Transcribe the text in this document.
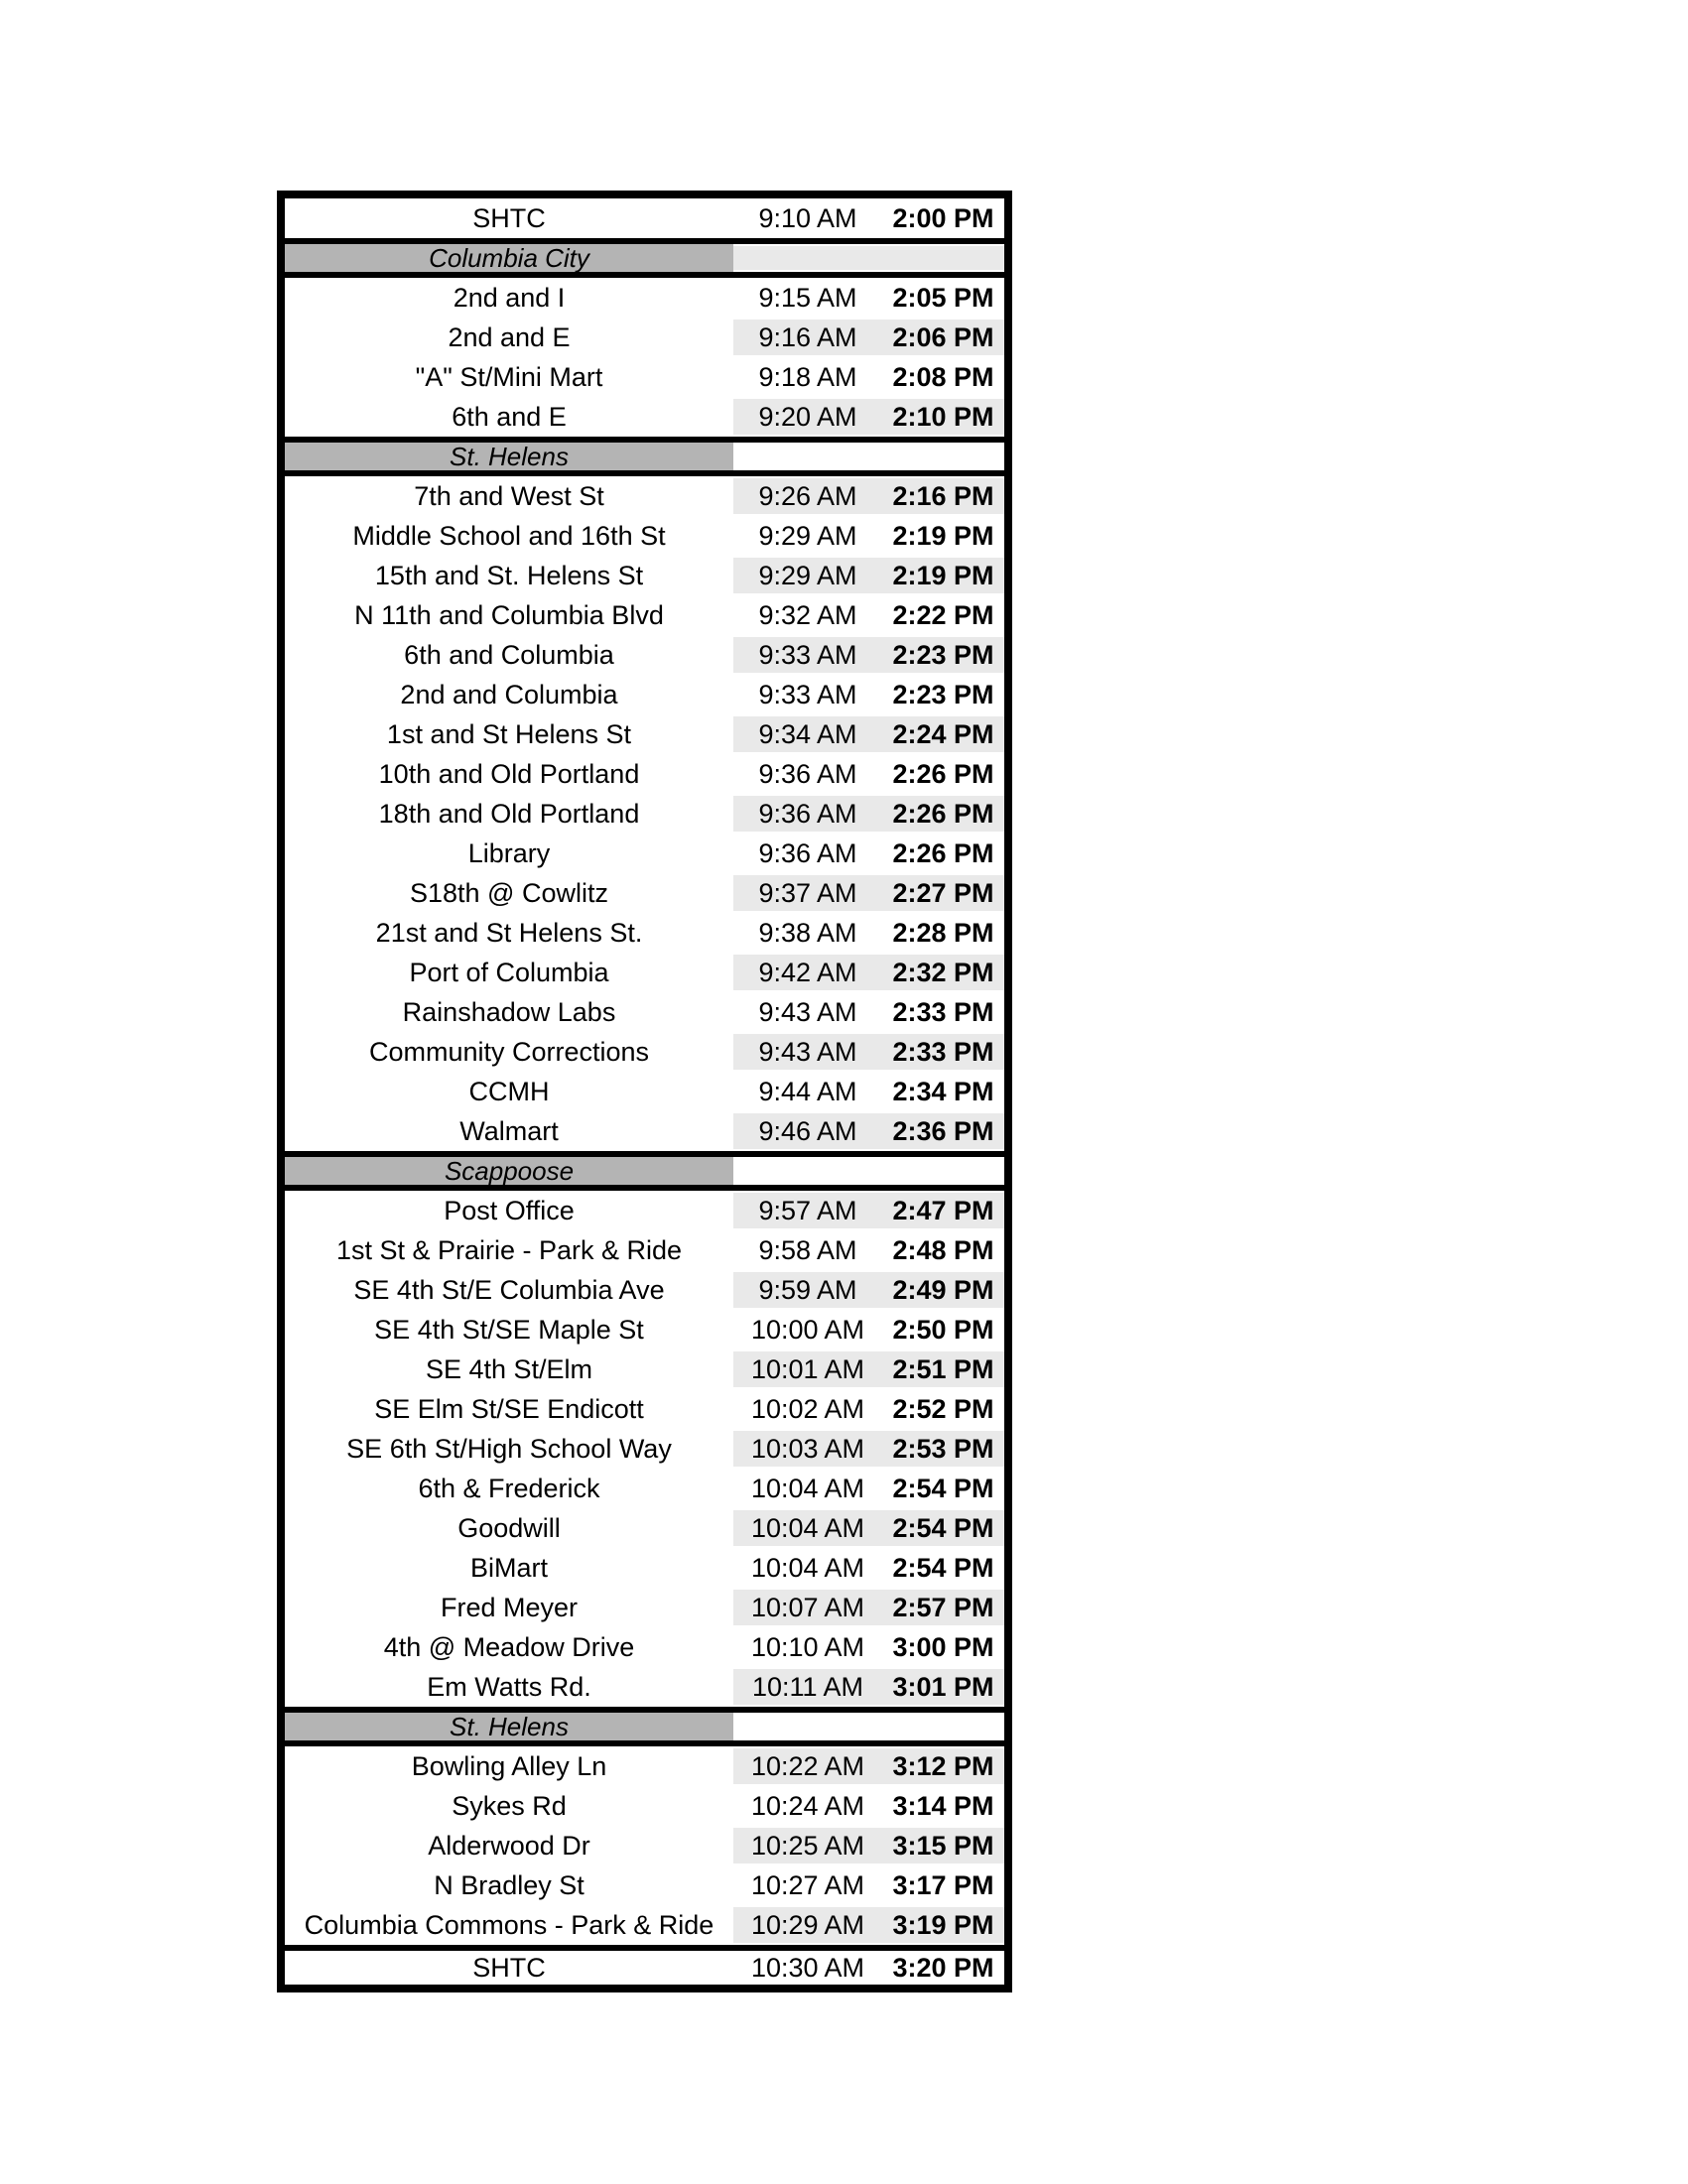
SHTC	9:10 AM	2:00 PM
Columbia City
2nd and I	9:15 AM	2:05 PM
2nd and E	9:16 AM	2:06 PM
"A" St/Mini Mart	9:18 AM	2:08 PM
6th and E	9:20 AM	2:10 PM
St. Helens
7th and West St	9:26 AM	2:16 PM
Middle School and 16th St	9:29 AM	2:19 PM
15th and St. Helens St	9:29 AM	2:19 PM
N 11th and Columbia Blvd	9:32 AM	2:22 PM
6th and Columbia	9:33 AM	2:23 PM
2nd and Columbia	9:33 AM	2:23 PM
1st and St Helens St	9:34 AM	2:24 PM
10th and Old Portland	9:36 AM	2:26 PM
18th and Old Portland	9:36 AM	2:26 PM
Library	9:36 AM	2:26 PM
S18th @ Cowlitz	9:37 AM	2:27 PM
21st and St Helens St.	9:38 AM	2:28 PM
Port of Columbia	9:42 AM	2:32 PM
Rainshadow Labs	9:43 AM	2:33 PM
Community Corrections	9:43 AM	2:33 PM
CCMH	9:44 AM	2:34 PM
Walmart	9:46 AM	2:36 PM
Scappoose
Post Office	9:57 AM	2:47 PM
1st St & Prairie - Park & Ride	9:58 AM	2:48 PM
SE 4th St/E Columbia Ave	9:59 AM	2:49 PM
SE 4th St/SE Maple St	10:00 AM	2:50 PM
SE 4th St/Elm	10:01 AM	2:51 PM
SE Elm St/SE Endicott	10:02 AM	2:52 PM
SE 6th St/High School Way	10:03 AM	2:53 PM
6th & Frederick	10:04 AM	2:54 PM
Goodwill	10:04 AM	2:54 PM
BiMart	10:04 AM	2:54 PM
Fred Meyer	10:07 AM	2:57 PM
4th @ Meadow Drive	10:10 AM	3:00 PM
Em Watts Rd.	10:11 AM	3:01 PM
St. Helens
Bowling Alley Ln	10:22 AM	3:12 PM
Sykes Rd	10:24 AM	3:14 PM
Alderwood Dr	10:25 AM	3:15 PM
N Bradley St	10:27 AM	3:17 PM
Columbia Commons - Park & Ride	10:29 AM	3:19 PM
SHTC	10:30 AM	3:20 PM
